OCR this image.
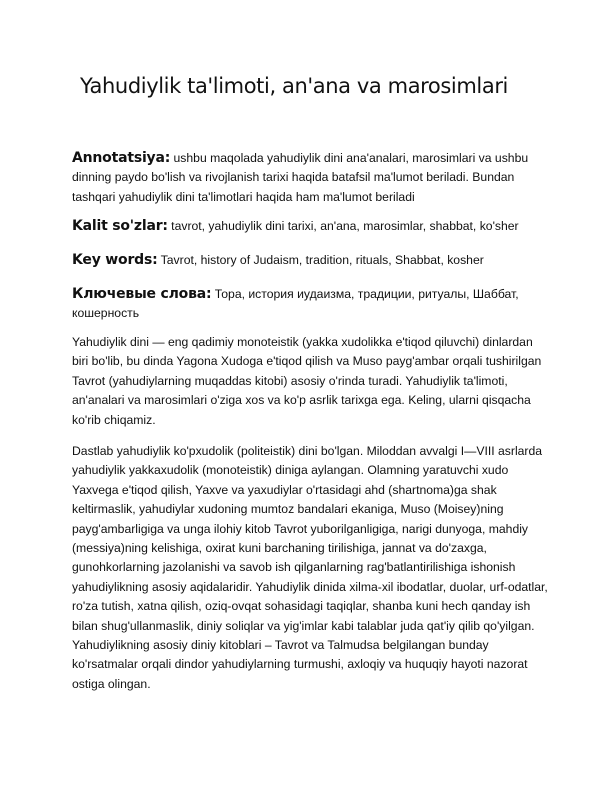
Yahudiylik ta'limoti, an'ana va marosimlari

Annotatsiya: ushbu maqolada yahudiylik dini ana'analari, marosimlari va ushbu dinning paydo bo'lish va rivojlanish tarixi haqida batafsil ma'lumot beriladi. Bundan tashqari yahudiylik dini ta'limotlari haqida ham ma'lumot beriladi

Kalit so'zlar: tavrot, yahudiylik dini tarixi, an'ana, marosimlar, shabbat, ko'sher

Key words: Tavrot, history of Judaism, tradition, rituals, Shabbat, kosher

Ключевые слова: Тора, история иудаизма, традиции, ритуалы, Шаббат, кошерность

Yahudiylik dini — eng qadimiy monoteistik (yakka xudolikka e'tiqod qiluvchi) dinlardan biri bo'lib, bu dinda Yagona Xudoga e'tiqod qilish va Muso payg'ambar orqali tushirilgan Tavrot (yahudiylarning muqaddas kitobi) asosiy o'rinda turadi. Yahudiylik ta'limoti, an'analari va marosimlari o'ziga xos va ko'p asrlik tarixga ega. Keling, ularni qisqacha ko'rib chiqamiz.

Dastlab yahudiylik ko'pxudolik (politeistik) dini bo'lgan. Miloddan avvalgi I—VIII asrlarda yahudiylik yakkaxudolik (monoteistik) diniga aylangan. Olamning yaratuvchi xudo Yaxvega e'tiqod qilish, Yaxve va yaxudiylar o'rtasidagi ahd (shartnoma)ga shak keltirmaslik, yahudiylar xudoning mumtoz bandalari ekaniga, Muso (Moisey)ning payg'ambarligiga va unga ilohiy kitob Tavrot yuborilganligiga, narigi dunyoga, mahdiy (messiya)ning kelishiga, oxirat kuni barchaning tirilishiga, jannat va do'zaxga, gunohkorlarning jazolanishi va savob ish qilganlarning rag'batlantirilishiga ishonish yahudiylikning asosiy aqidalaridir. Yahudiylik dinida xilma-xil ibodatlar, duolar, urf-odatlar, ro'za tutish, xatna qilish, oziq-ovqat sohasidagi taqiqlar, shanba kuni hech qanday ish bilan shug'ullanmaslik, diniy soliqlar va yig'imlar kabi talablar juda qat'iy qilib qo'yilgan. Yahudiylikning asosiy diniy kitoblari – Tavrot va Talmudsa belgilangan bunday ko'rsatmalar orqali dindor yahudiylarning turmushi, axloqiy va huquqiy hayoti nazorat ostiga olingan.
